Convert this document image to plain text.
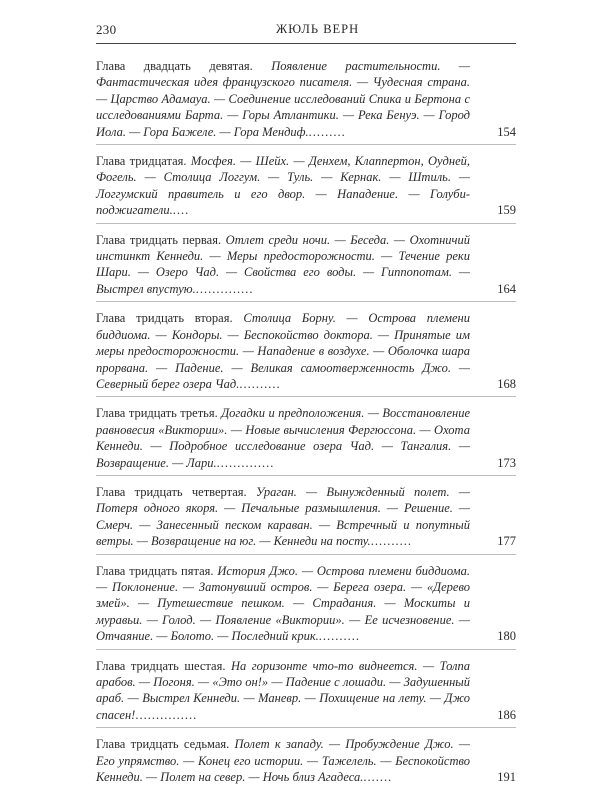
230	ЖЮЛЬ ВЕРН
Глава двадцать девятая. Появление растительности. — Фантастическая идея французского писателя. — Чудесная страна. — Царство Адамауа. — Соединение исследований Спика и Бертона с исследованиями Барта. — Горы Атлантики. — Река Бенуэ. — Город Иола. — Гора Бажеле. — Гора Мендиф..........	154
Глава тридцатая. Мосфея. — Шейх. — Денхем, Клаппертон, Оудней, Фогель. — Столица Логгум. — Туль. — Кернак. — Штиль. — Логгумский правитель и его двор. — Нападение. — Голуби-поджигатели.....	159
Глава тридцать первая. Отлет среди ночи. — Беседа. — Охотничий инстинкт Кеннеди. — Меры предосторожности. — Течение реки Шари. — Озеро Чад. — Свойства его воды. — Гиппопотам. — Выстрел впустую...............	164
Глава тридцать вторая. Столица Борну. — Острова племени биддиома. — Кондоры. — Беспокойство доктора. — Принятые им меры предосторожности. — Нападение в воздухе. — Оболочка шара прорвана. — Падение. — Великая самоотверженность Джо. — Северный берег озера Чад...........	168
Глава тридцать третья. Догадки и предположения. — Восстановление равновесия «Виктории». — Новые вычисления Фергюссона. — Охота Кеннеди. — Подробное исследование озера Чад. — Тангалия. — Возвращение. — Лари...............	173
Глава тридцать четвертая. Ураган. — Вынужденный полет. — Потеря одного якоря. — Печальные размышления. — Решение. — Смерч. — Занесенный песком караван. — Встречный и попутный ветры. — Возвращение на юг. — Кеннеди на посту...........	177
Глава тридцать пятая. История Джо. — Острова племени биддиома. — Поклонение. — Затонувший остров. — Берега озера. — «Дерево змей». — Путешествие пешком. — Страдания. — Москиты и муравьи. — Голод. — Появление «Виктории». — Ее исчезновение. — Отчаяние. — Болото. — Последний крик...........	180
Глава тридцать шестая. На горизонте что-то виднеется. — Толпа арабов. — Погоня. — «Это он!» — Падение с лошади. — Задушенный араб. — Выстрел Кеннеди. — Маневр. — Похищение на лету. — Джо спасен!...............	186
Глава тридцать седьмая. Полет к западу. — Пробуждение Джо. — Его упрямство. — Конец его истории. — Тажелель. — Беспокойство Кеннеди. — Полет на север. — Ночь близ Агадеса........	191
